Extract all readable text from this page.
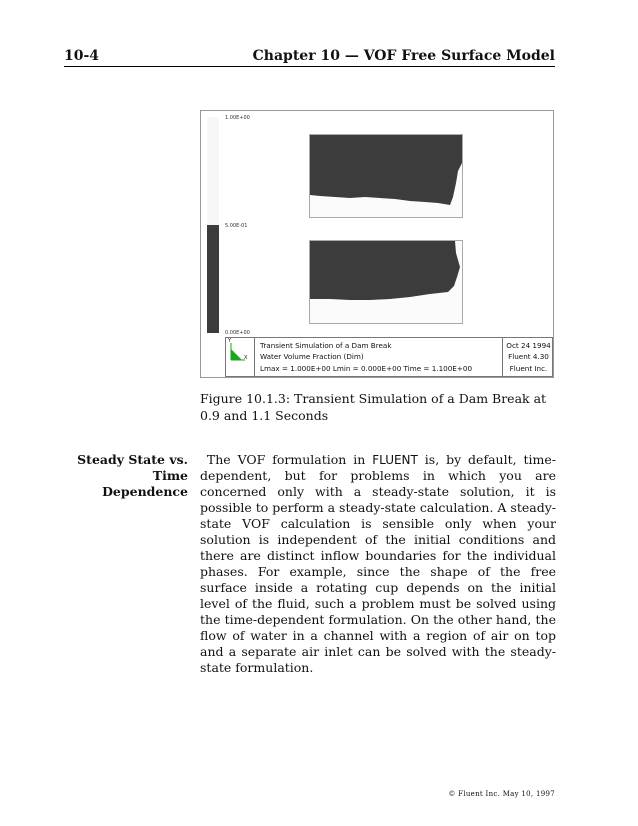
10-4	Chapter 10 — VOF Free Surface Model
1.00E+00
5.00E-01
0.00E+00
Y
X
Transient Simulation of a Dam Break
Water Volume Fraction (Dim)
Lmax = 1.000E+00 Lmin = 0.000E+00 Time = 1.100E+00
Oct 24 1994
Fluent 4.30
Fluent Inc.
Figure 10.1.3: Transient Simulation of a Dam Break at 0.9 and 1.1 Seconds
Steady State vs.
Time Dependence
The VOF formulation in FLUENT is, by default, time-dependent, but for problems in which you are concerned only with a steady-state solution, it is possible to perform a steady-state calculation. A steady-state VOF calculation is sensible only when your solution is independent of the initial conditions and there are distinct inflow boundaries for the individual phases. For example, since the shape of the free surface inside a rotating cup depends on the initial level of the fluid, such a problem must be solved using the time-dependent formulation. On the other hand, the flow of water in a channel with a region of air on top and a separate air inlet can be solved with the steady-state formulation.
© Fluent Inc. May 10, 1997
